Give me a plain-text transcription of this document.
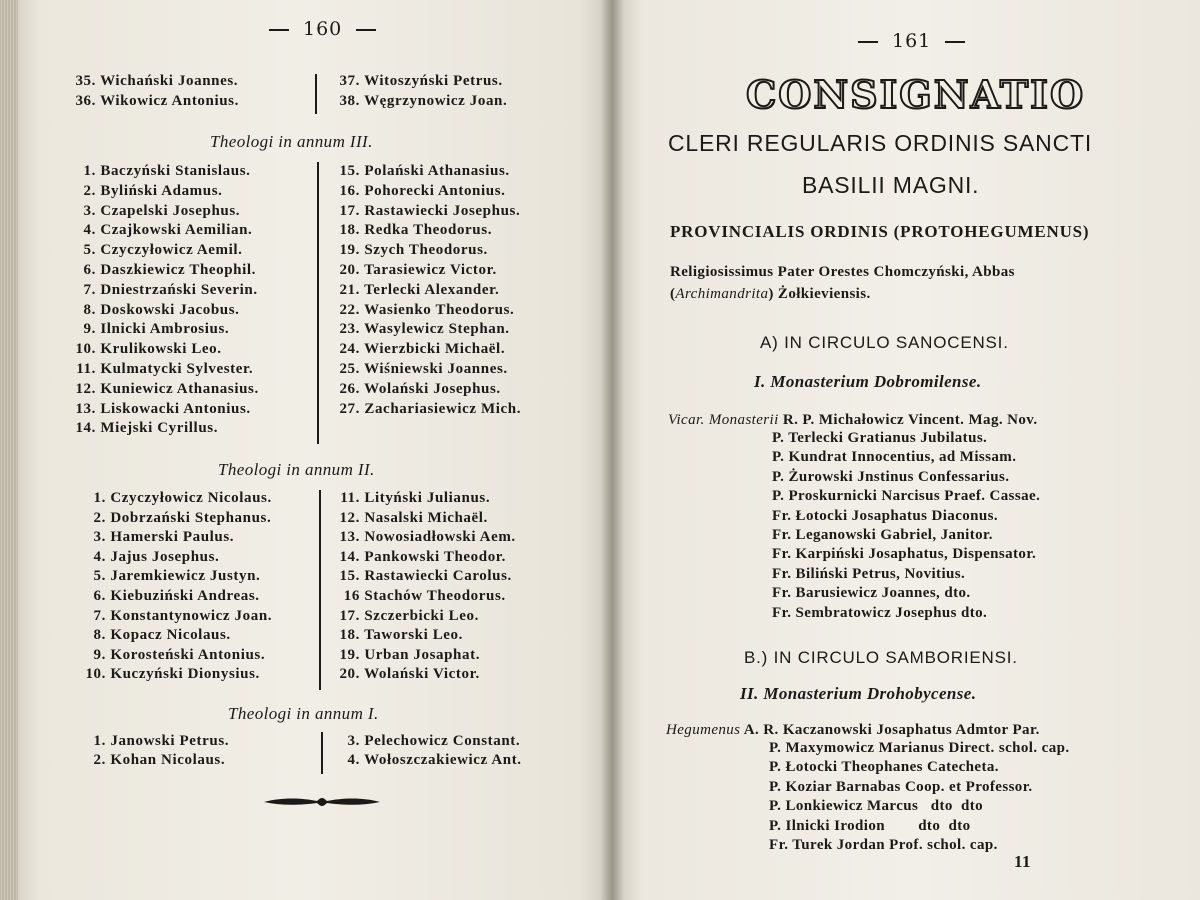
160
35. Wichański Joannes.
36. Wikowicz Antonius.
37. Witoszyński Petrus.
38. Węgrzynowicz Joan.
Theologi in annum III.
1. Baczyński Stanislaus.
2. Byliński Adamus.
3. Czapelski Josephus.
4. Czajkowski Aemilian.
5. Czyczyłowicz Aemil.
6. Daszkiewicz Theophil.
7. Dniestrzański Severin.
8. Doskowski Jacobus.
9. Ilnicki Ambrosius.
10. Krulikowski Leo.
11. Kulmatycki Sylvester.
12. Kuniewicz Athanasius.
13. Liskowacki Antonius.
14. Miejski Cyrillus.
15. Polański Athanasius.
16. Pohorecki Antonius.
17. Rastawiecki Josephus.
18. Redka Theodorus.
19. Szych Theodorus.
20. Tarasiewicz Victor.
21. Terlecki Alexander.
22. Wasienko Theodorus.
23. Wasylewicz Stephan.
24. Wierzbicki Michaël.
25. Wiśniewski Joannes.
26. Wolański Josephus.
27. Zachariasiewicz Mich.
Theologi in annum II.
1. Czyczyłowicz Nicolaus.
2. Dobrzański Stephanus.
3. Hamerski Paulus.
4. Jajus Josephus.
5. Jaremkiewicz Justyn.
6. Kiebuziński Andreas.
7. Konstantynowicz Joan.
8. Kopacz Nicolaus.
9. Korosteński Antonius.
10. Kuczyński Dionysius.
11. Lityński Julianus.
12. Nasalski Michaël.
13. Nowosiadłowski Aem.
14. Pankowski Theodor.
15. Rastawiecki Carolus.
16 Stachów Theodorus.
17. Szczerbicki Leo.
18. Taworski Leo.
19. Urban Josaphat.
20. Wolański Victor.
Theologi in annum I.
1. Janowski Petrus.
2. Kohan Nicolaus.
3. Pelechowicz Constant.
4. Wołoszczakiewicz Ant.
161
CONSIGNATIO
CLERI REGULARIS ORDINIS SANCTI
BASILII MAGNI.
PROVINCIALIS ORDINIS (PROTOHEGUMENUS)
Religiosissimus Pater Orestes Chomczyński, Abbas
(Archimandrita) Żołkieviensis.
A) IN CIRCULO SANOCENSI.
I. Monasterium Dobromilense.
Vicar. Monasterii R. P. Michałowicz Vincent. Mag. Nov.
P. Terlecki Gratianus Jubilatus.
P. Kundrat Innocentius, ad Missam.
P. Żurowski Jnstinus Confessarius.
P. Proskurnicki Narcisus Praef. Cassae.
Fr. Łotocki Josaphatus Diaconus.
Fr. Leganowski Gabriel, Janitor.
Fr. Karpiński Josaphatus, Dispensator.
Fr. Biliński Petrus, Novitius.
Fr. Barusiewicz Joannes, dto.
Fr. Sembratowicz Josephus dto.
B.) IN CIRCULO SAMBORIENSI.
II. Monasterium Drohobycense.
Hegumenus A. R. Kaczanowski Josaphatus Admtor Par.
P. Maxymowicz Marianus Direct. schol. cap.
P. Łotocki Theophanes Catecheta.
P. Koziar Barnabas Coop. et Professor.
P. Lonkiewicz Marcus   dto  dto
P. Ilnicki Irodion        dto  dto
Fr. Turek Jordan Prof. schol. cap.
11
